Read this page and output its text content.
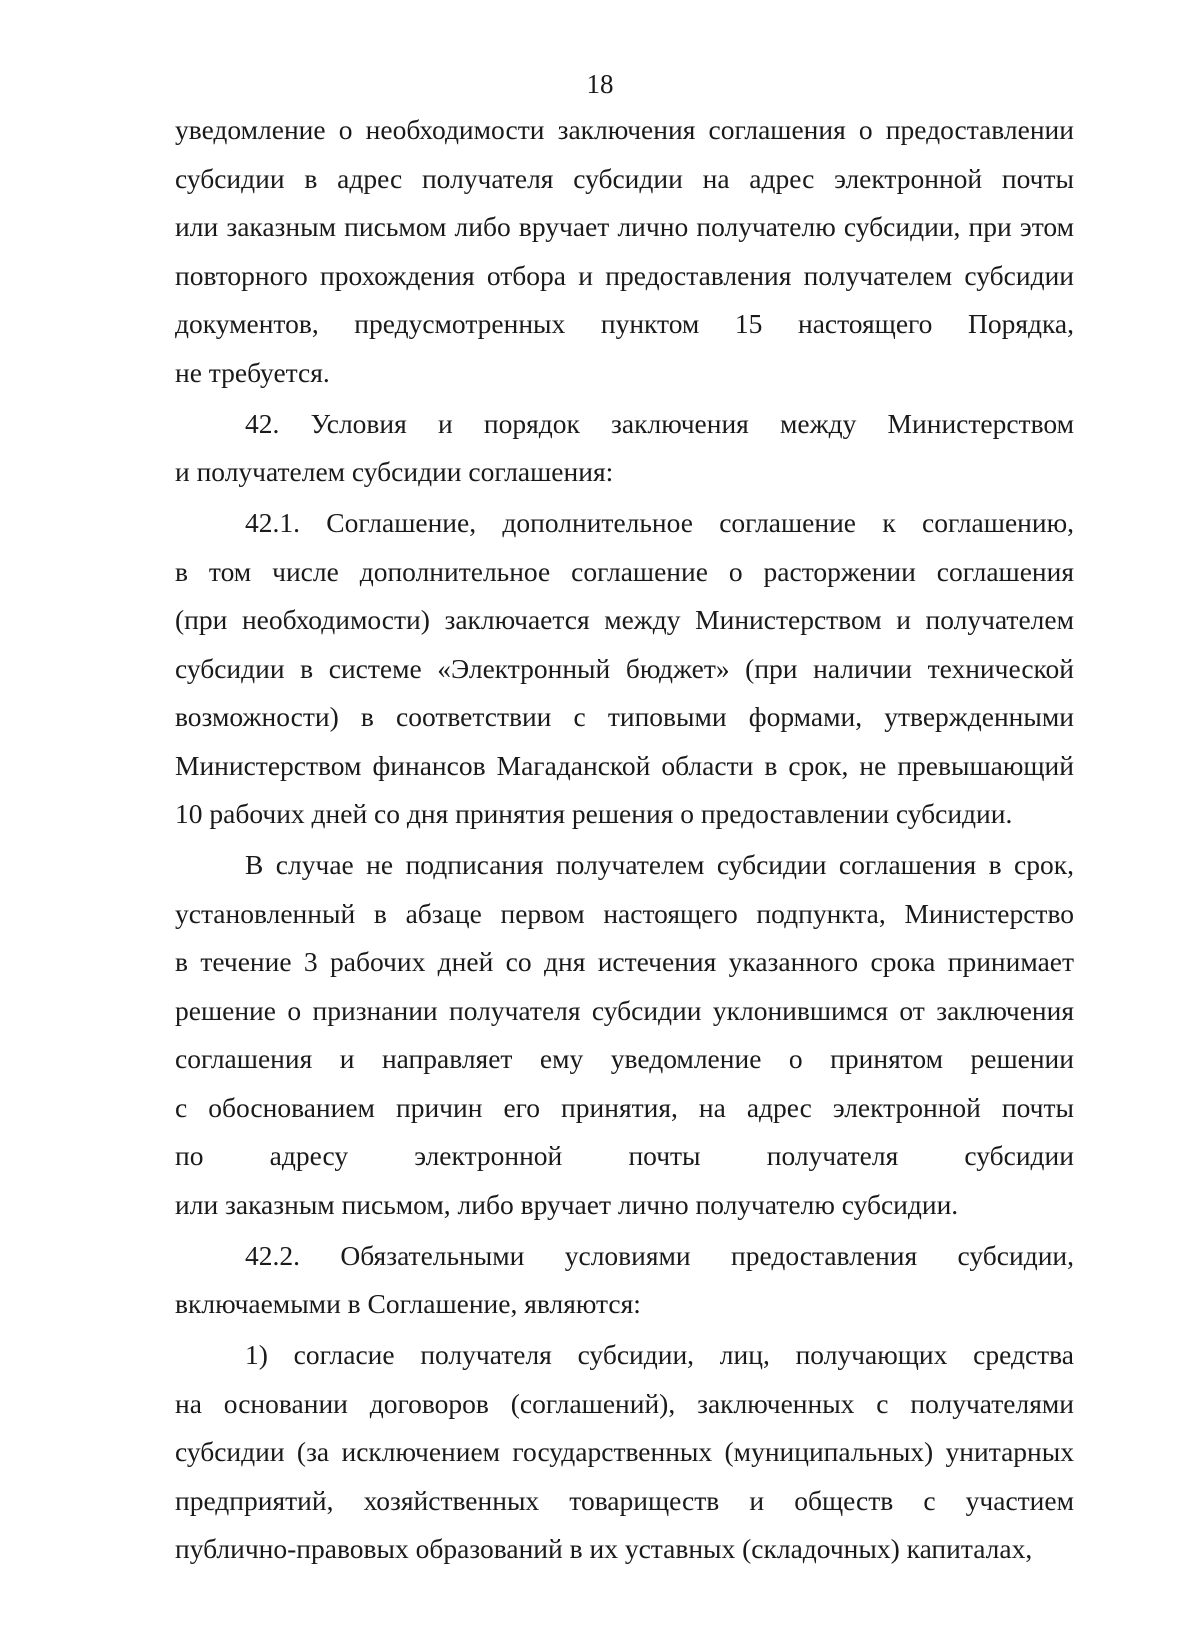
18
уведомление о необходимости заключения соглашения о предоставлении
субсидии в адрес получателя субсидии на адрес электронной почты
или заказным письмом либо вручает лично получателю субсидии, при этом
повторного прохождения отбора и предоставления получателем субсидии
документов, предусмотренных пунктом 15 настоящего Порядка,
не требуется.
42. Условия и порядок заключения между Министерством
и получателем субсидии соглашения:
42.1. Соглашение, дополнительное соглашение к соглашению,
в том числе дополнительное соглашение о расторжении соглашения
(при необходимости) заключается между Министерством и получателем
субсидии в системе «Электронный бюджет» (при наличии технической
возможности) в соответствии с типовыми формами, утвержденными
Министерством финансов Магаданской области в срок, не превышающий
10 рабочих дней со дня принятия решения о предоставлении субсидии.
В случае не подписания получателем субсидии соглашения в срок,
установленный в абзаце первом настоящего подпункта, Министерство
в течение 3 рабочих дней со дня истечения указанного срока принимает
решение о признании получателя субсидии уклонившимся от заключения
соглашения и направляет ему уведомление о принятом решении
с обоснованием причин его принятия, на адрес электронной почты
по адресу электронной почты получателя субсидии
или заказным письмом, либо вручает лично получателю субсидии.
42.2. Обязательными условиями предоставления субсидии,
включаемыми в Соглашение, являются:
1) согласие получателя субсидии, лиц, получающих средства
на основании договоров (соглашений), заключенных с получателями
субсидии (за исключением государственных (муниципальных) унитарных
предприятий, хозяйственных товариществ и обществ с участием
публично-правовых образований в их уставных (складочных) капиталах,
